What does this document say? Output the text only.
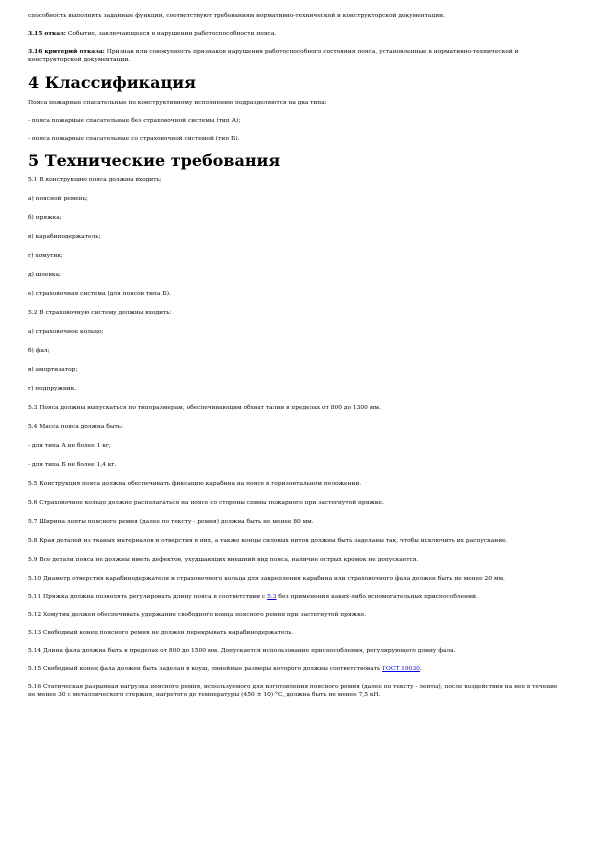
способность выполнять заданные функции, соответствуют требованиям нормативно-технической и конструкторской документации.

3.15 отказ: Событие, заключающееся в нарушении работоспособности пояса.

3.16 критерий отказа: Признак или совокупность признаков нарушения работоспособного состояния пояса, установленные в нормативно-технической и конструкторской документации.

4 Классификация

Пояса пожарные спасательные по конструктивному исполнению подразделяются на два типа:

- пояса пожарные спасательные без страховочной системы (тип А);

- пояса пожарные спасательные со страховочной системой (тип Б).

5 Технические требования

5.1 В конструкцию пояса должны входить:

а) поясной ремень;

б) пряжка;

в) карабинодержатель;

г) хомутик;

д) шлевка;

е) страховочная система (для поясов типа Б).

5.2 В страховочную систему должны входить:

а) страховочное кольцо;

б) фал;

в) амортизатор;

г) подпружник.

5.3 Пояса должны выпускаться по типоразмерам, обеспечивающим обхват талии в пределах от 800 до 1300 мм.

5.4 Масса пояса должна быть:

- для типа А не более 1 кг;

- для типа Б не более 1,4 кг.

5.5 Конструкция пояса должна обеспечивать фиксацию карабина на поясе в горизонтальном положении.

5.6 Страховочное кольцо должно располагаться на поясе со стороны спины пожарного при застегнутой пряжке.

5.7 Ширина ленты поясного ремня (далее по тексту - ремня) должна быть не менее 80 мм.

5.8 Края деталей из тканых материалов и отверстия в них, а также концы силовых ниток должны быть заделаны так, чтобы исключить их распускание.

5.9 Все детали пояса не должны иметь дефектов, ухудшающих внешний вид пояса, наличие острых кромок не допускается.

5.10 Диаметр отверстия карабинодержателя и страховочного кольца для закрепления карабина или страховочного фала должен быть не менее 20 мм.

5.11 Пряжка должна позволять регулировать длину пояса в соответствии с 5.3 без применения каких-либо вспомогательных приспособлений.

5.12 Хомутик должен обеспечивать удержание свободного конца поясного ремня при застегнутой пряжке.

5.13 Свободный конец поясного ремня не должен перекрывать карабинодержатель.

5.14 Длина фала должна быть в пределах от 800 до 1500 мм. Допускается использование приспособления, регулирующего длину фала.

5.15 Свободный конец фала должен быть заделан в коуш, линейные размеры которого должны соответствовать ГОСТ 19030.

5.16 Статическая разрывная нагрузка поясного ремня, используемого для изготовления поясного ремня (далее по тексту - ленты), после воздействия на нее в течение не менее 30 с металлического стержня, нагретого до температуры (450 ± 10) °С, должна быть не менее 7,5 кН.
